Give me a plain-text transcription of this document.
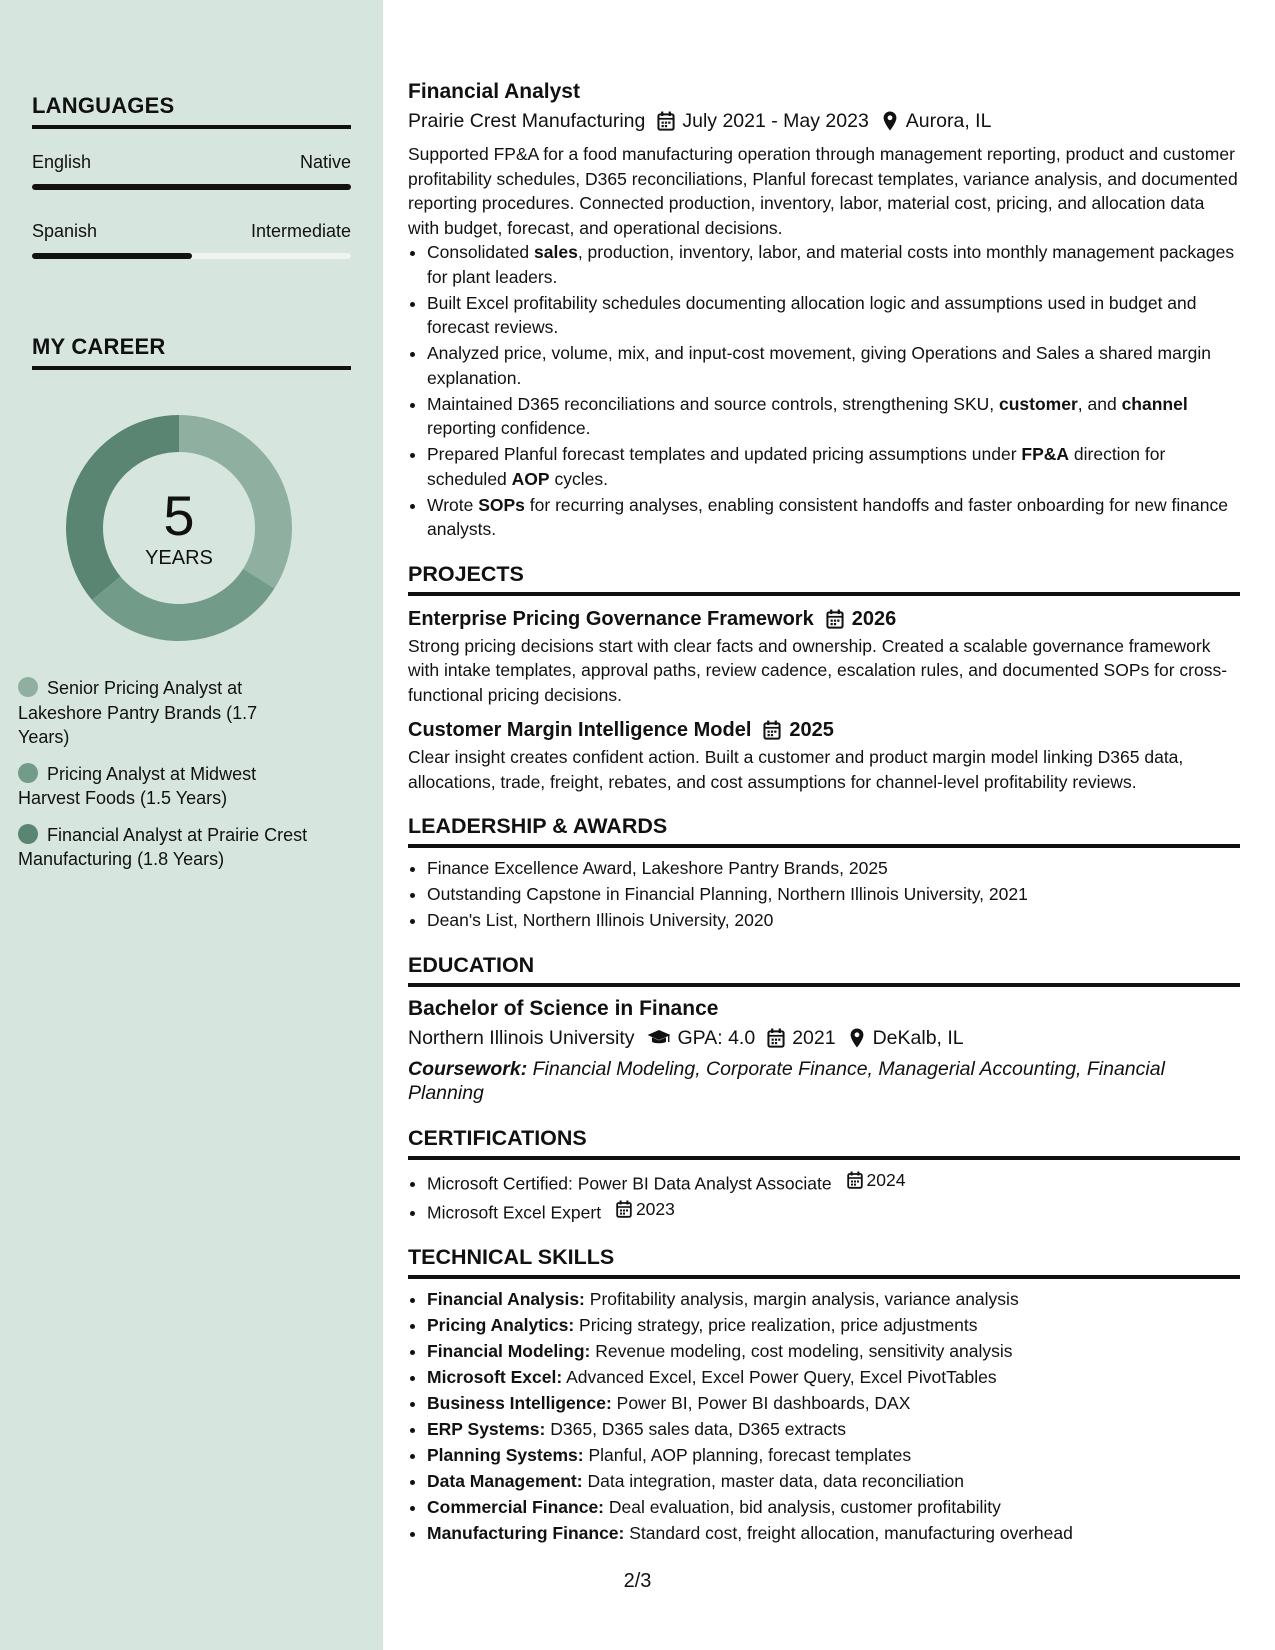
LANGUAGES
English	Native
Spanish	Intermediate
MY CAREER
5
YEARS
Senior Pricing Analyst at Lakeshore Pantry Brands (1.7 Years)
Pricing Analyst at Midwest Harvest Foods (1.5 Years)
Financial Analyst at Prairie Crest Manufacturing (1.8 Years)
Financial Analyst
Prairie Crest Manufacturing July 2021 - May 2023 Aurora, IL
Supported FP&A for a food manufacturing operation through management reporting, product and customer profitability schedules, D365 reconciliations, Planful forecast templates, variance analysis, and documented reporting procedures. Connected production, inventory, labor, material cost, pricing, and allocation data with budget, forecast, and operational decisions.
• Consolidated sales, production, inventory, labor, and material costs into monthly management packages for plant leaders.
• Built Excel profitability schedules documenting allocation logic and assumptions used in budget and forecast reviews.
• Analyzed price, volume, mix, and input-cost movement, giving Operations and Sales a shared margin explanation.
• Maintained D365 reconciliations and source controls, strengthening SKU, customer, and channel reporting confidence.
• Prepared Planful forecast templates and updated pricing assumptions under FP&A direction for scheduled AOP cycles.
• Wrote SOPs for recurring analyses, enabling consistent handoffs and faster onboarding for new finance analysts.
PROJECTS
Enterprise Pricing Governance Framework 2026
Strong pricing decisions start with clear facts and ownership. Created a scalable governance framework with intake templates, approval paths, review cadence, escalation rules, and documented SOPs for cross-functional pricing decisions.
Customer Margin Intelligence Model 2025
Clear insight creates confident action. Built a customer and product margin model linking D365 data, allocations, trade, freight, rebates, and cost assumptions for channel-level profitability reviews.
LEADERSHIP & AWARDS
• Finance Excellence Award, Lakeshore Pantry Brands, 2025
• Outstanding Capstone in Financial Planning, Northern Illinois University, 2021
• Dean's List, Northern Illinois University, 2020
EDUCATION
Bachelor of Science in Finance
Northern Illinois University GPA: 4.0 2021 DeKalb, IL
Coursework: Financial Modeling, Corporate Finance, Managerial Accounting, Financial Planning
CERTIFICATIONS
• Microsoft Certified: Power BI Data Analyst Associate 2024
• Microsoft Excel Expert 2023
TECHNICAL SKILLS
• Financial Analysis: Profitability analysis, margin analysis, variance analysis
• Pricing Analytics: Pricing strategy, price realization, price adjustments
• Financial Modeling: Revenue modeling, cost modeling, sensitivity analysis
• Microsoft Excel: Advanced Excel, Excel Power Query, Excel PivotTables
• Business Intelligence: Power BI, Power BI dashboards, DAX
• ERP Systems: D365, D365 sales data, D365 extracts
• Planning Systems: Planful, AOP planning, forecast templates
• Data Management: Data integration, master data, data reconciliation
• Commercial Finance: Deal evaluation, bid analysis, customer profitability
• Manufacturing Finance: Standard cost, freight allocation, manufacturing overhead
2/3
